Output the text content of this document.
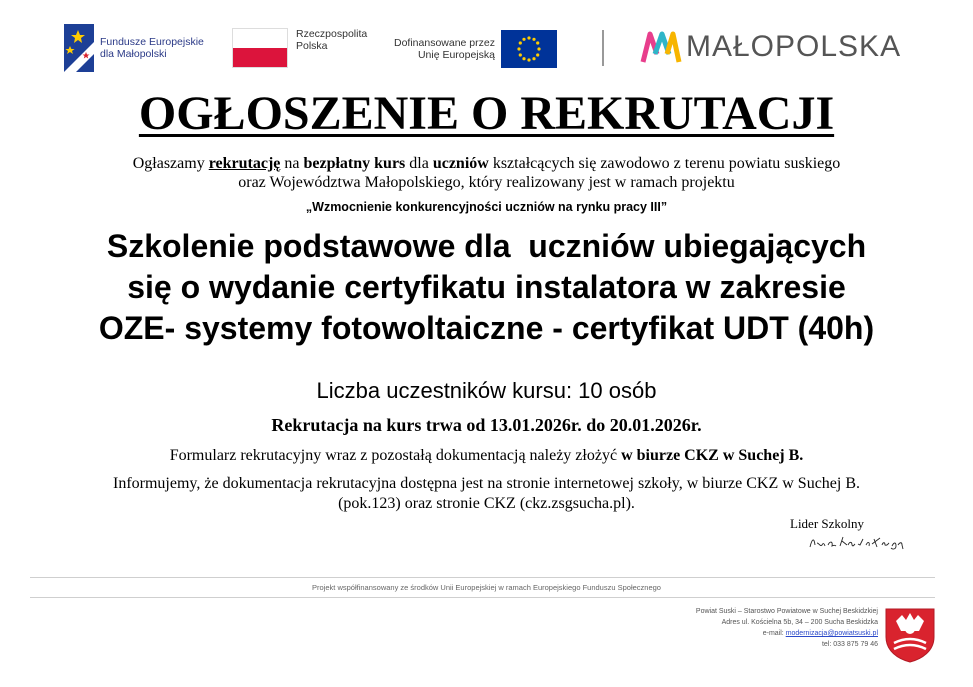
Fundusze Europejskie
dla Małopolski
Rzeczpospolita
Polska	Dofinansowane przez
Unię Europejską	MAŁOPOLSKA
OGŁOSZENIE O REKRUTACJI
Ogłaszamy rekrutację na bezpłatny kurs dla uczniów kształcących się zawodowo z terenu powiatu suskiego
oraz Województwa Małopolskiego, który realizowany jest w ramach projektu
„Wzmocnienie konkurencyjności uczniów na rynku pracy III”
Szkolenie podstawowe dla  uczniów ubiegających
się o wydanie certyfikatu instalatora w zakresie
OZE- systemy fotowoltaiczne - certyfikat UDT (40h)
Liczba uczestników kursu: 10 osób
Rekrutacja na kurs trwa od 13.01.2026r. do 20.01.2026r.
Formularz rekrutacyjny wraz z pozostałą dokumentacją należy złożyć w biurze CKZ w Suchej B.
Informujemy, że dokumentacja rekrutacyjna dostępna jest na stronie internetowej szkoły, w biurze CKZ w Suchej B.
(pok.123) oraz stronie CKZ (ckz.zsgsucha.pl).
Lider Szkolny
Projekt współfinansowany ze środków Unii Europejskiej w ramach Europejskiego Funduszu Społecznego
Powiat Suski – Starostwo Powiatowe w Suchej Beskidzkiej
Adres ul. Kościelna 5b, 34 – 200 Sucha Beskidzka
e-mail: modernizacja@powiatsuski.pl
tel: 033 875 79 46
